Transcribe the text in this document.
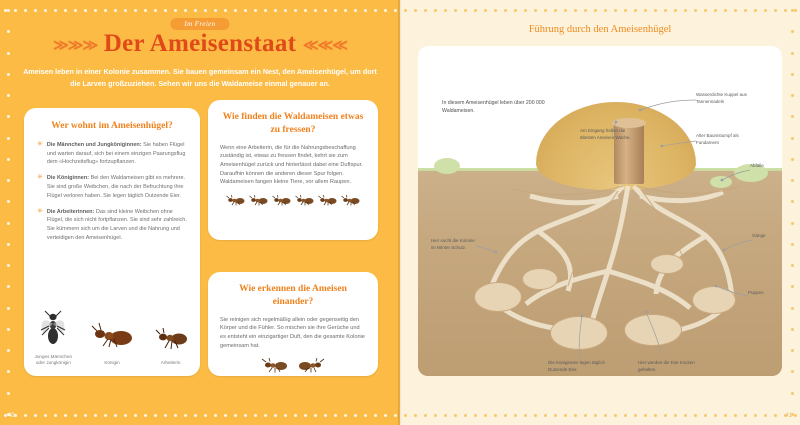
Im Freien
≫≫≫ Der Ameisenstaat ≪≪≪
Ameisen leben in einer Kolonie zusammen. Sie bauen gemeinsam ein Nest, den Ameisenhügel, um dort die Larven großzuziehen. Sehen wir uns die Waldameise einmal genauer an.
Wer wohnt im Ameisenhügel?
✳ Die Männchen und Jungköniginnen: Sie haben Flügel und warten darauf, sich bei einem einzigen Paarungsflug dem «Hochzeitsflug» fortzupflanzen.
✳ Die Königinnen: Bei den Waldameisen gibt es mehrere. Sie sind große Weibchen, die nach der Befruchtung ihre Flügel verloren haben. Sie legen täglich Dutzende Eier.
✳ Die Arbeiterinnen: Das sind kleine Weibchen ohne Flügel, die sich nicht fortpflanzen. Sie sind sehr zahlreich. Sie kümmern sich um die Larven und die Nahrung und verteidigen den Ameisenhügel.
Junges Männchen oder Jungkönigin	Königin	Arbeiterin
Wie finden die Waldameisen etwas zu fressen?

Wenn eine Arbeiterin, die für die Nahrungsbeschaffung zuständig ist, etwas zu fressen findet, kehrt sie zum Ameisenhügel zurück und hinterlässt dabei eine Duftspur. Daraufhin können die anderen dieser Spur folgen. Waldameisen fangen kleine Tiere, vor allem Raupen.

Wie erkennen die Ameisen einander?

Sie reinigen sich regelmäßig allein oder gegenseitig den Körper und die Fühler. So mischen sie ihre Gerüche und es entsteht ein einzigartiger Duft, den die gesamte Kolonie gemeinsam hat.

40
Führung durch den Ameisenhügel
In diesem Ameisenhügel leben über 200 000 Waldameisen.
Wasserdichte Kuppel aus Tannennadeln
Am Eingang halten die ältesten Ameisen Wache.	Alter Baumstumpf als Fundament
Abfälle
Gänge
Hier sucht die Kolonie im Winter Schutz.
Puppen
Die Königinnen legen täglich Dutzende Eier.
Hier werden die Eier trocken gehalten.
41
